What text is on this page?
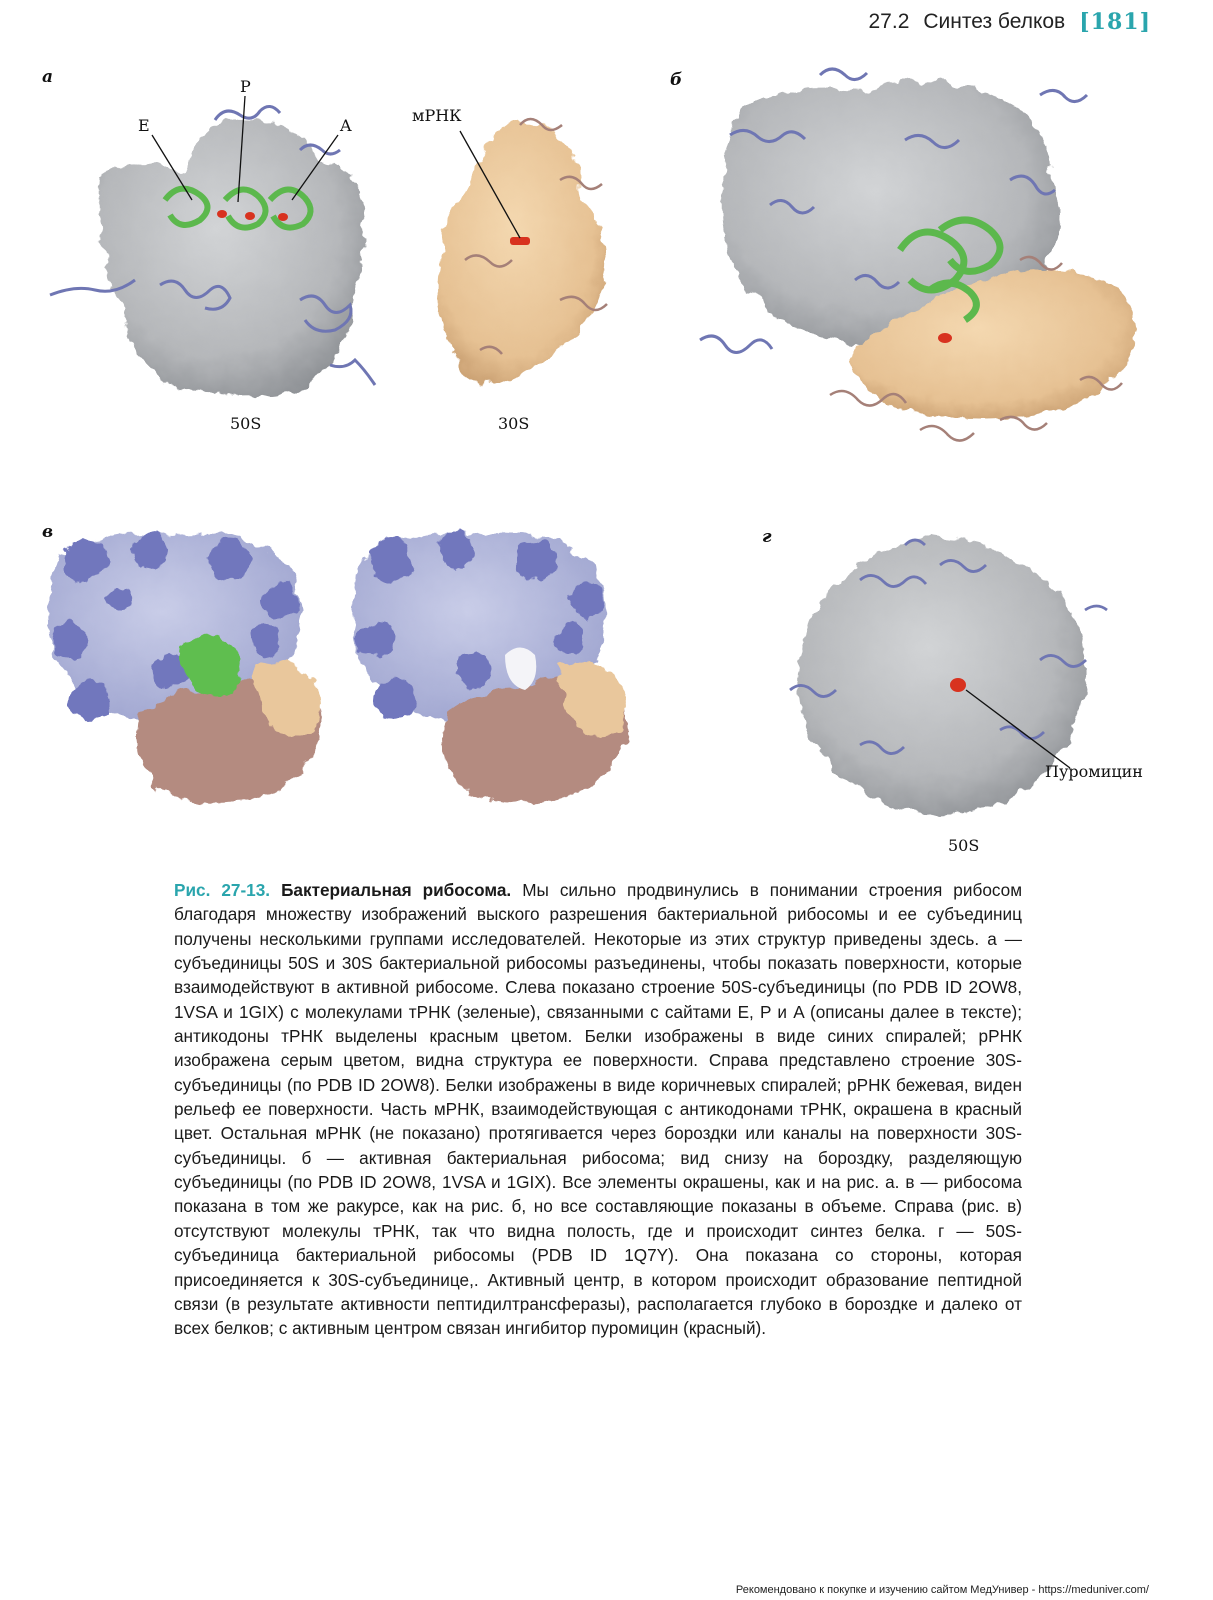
27.2 Синтез белков [181]
а	б
в	г
E
P
A
мРНК
50S	30S
Пуромицин
50S
Рис. 27-13. Бактериальная рибосома. Мы сильно продвинулись в понимании строения рибосом благодаря множеству изображений выского разрешения бактериальной рибосомы и ее субъединиц получены несколькими группами исследователей. Некоторые из этих структур приведены здесь. а — субъединицы 50S и 30S бактериальной рибосомы разъединены, чтобы показать поверхности, которые взаимодействуют в активной рибосоме. Слева показано строение 50S-субъединицы (по PDB ID 2OW8, 1VSA и 1GIX) с молекулами тРНК (зеленые), связанными с сайтами E, P и A (описаны далее в тексте); антикодоны тРНК выделены красным цветом. Белки изображены в виде синих спиралей; рРНК изображена серым цветом, видна структура ее поверхности. Справа представлено строение 30S-субъединицы (по PDB ID 2OW8). Белки изображены в виде коричневых спиралей; рРНК бежевая, виден рельеф ее поверхности. Часть мРНК, взаимодействующая с антикодонами тРНК, окрашена в красный цвет. Остальная мРНК (не показано) протягивается через бороздки или каналы на поверхности 30S-субъединицы. б — активная бактериальная рибосома; вид снизу на бороздку, разделяющую субъединицы (по PDB ID 2OW8, 1VSA и 1GIX). Все элементы окрашены, как и на рис. а. в — рибосома показана в том же ракурсе, как на рис. б, но все составляющие показаны в объеме. Справа (рис. в) отсутствуют молекулы тРНК, так что видна полость, где и происходит синтез белка. г — 50S-субъединица бактериальной рибосомы (PDB ID 1Q7Y). Она показана со стороны, которая присоединяется к 30S-субъединице,. Активный центр, в котором происходит образование пептидной связи (в результате активности пептидилтрансферазы), располагается глубоко в бороздке и далеко от всех белков; с активным центром связан ингибитор пуромицин (красный).
Рекомендовано к покупке и изучению сайтом МедУнивер - https://meduniver.com/
